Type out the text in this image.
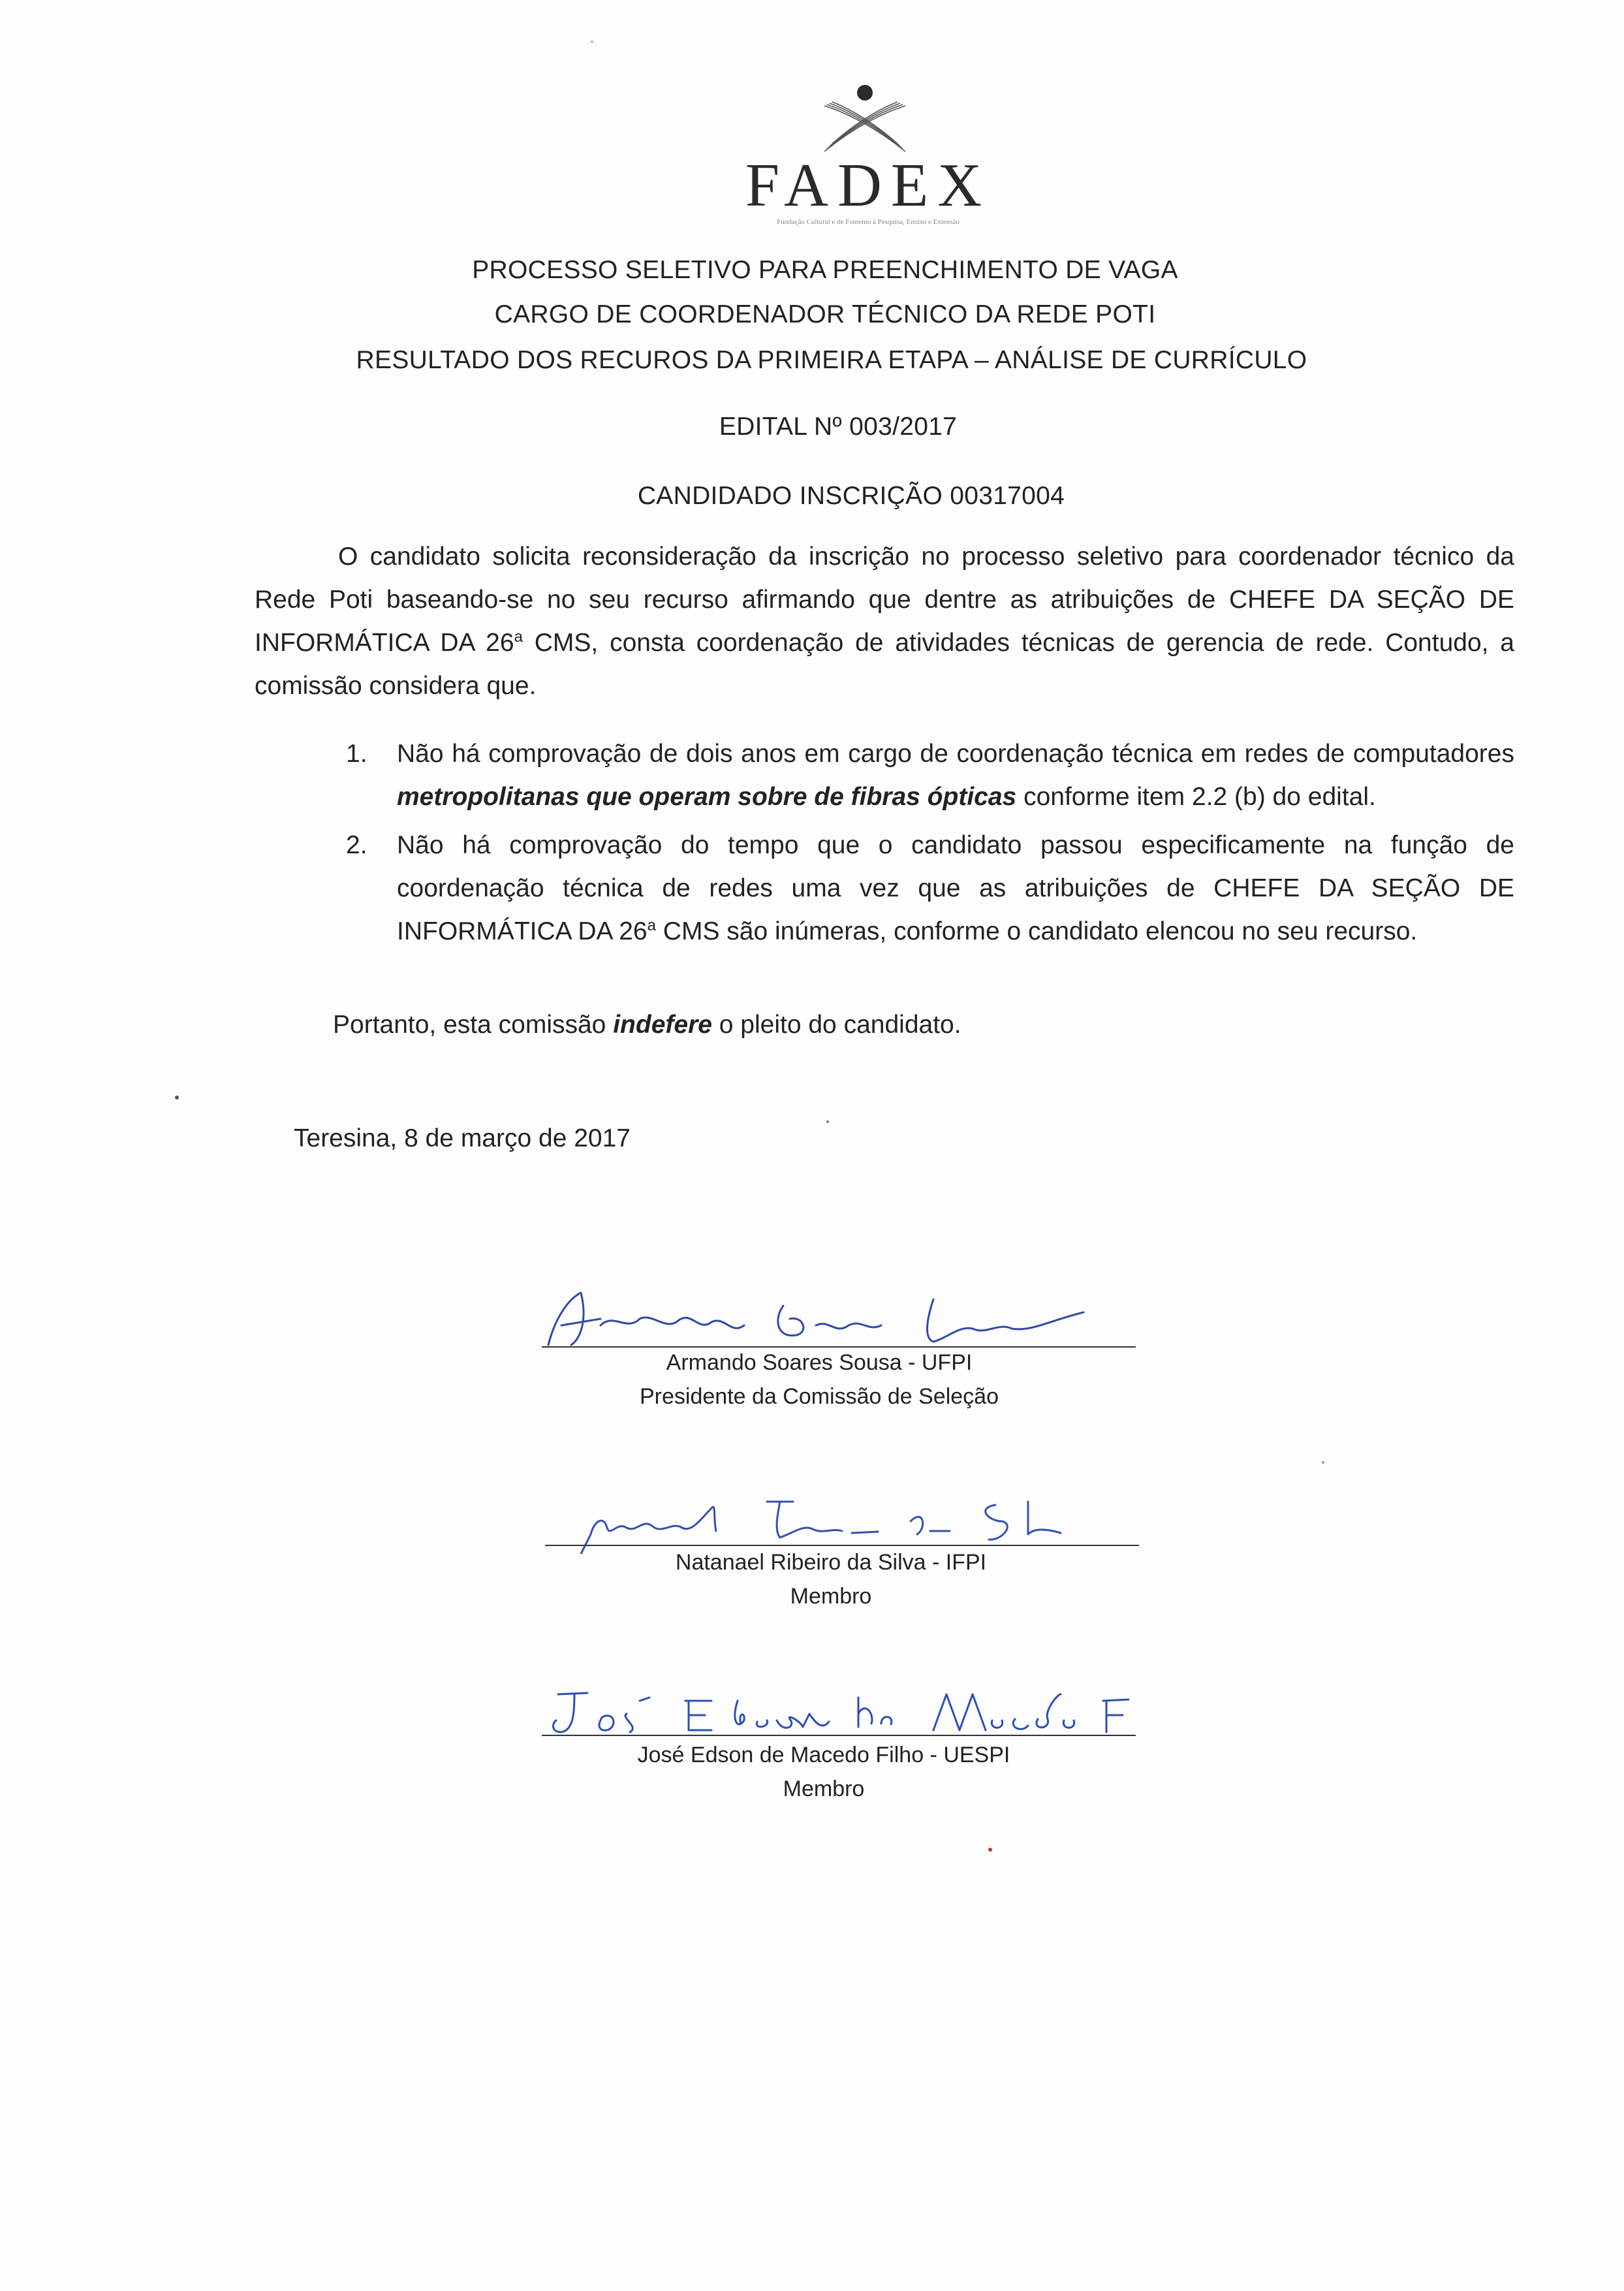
FADEX
Fundação Cultural e de Fomento à Pesquisa, Ensino e Extensão
PROCESSO SELETIVO PARA PREENCHIMENTO DE VAGA
CARGO DE COORDENADOR TÉCNICO DA REDE POTI
RESULTADO DOS RECUROS DA PRIMEIRA ETAPA – ANÁLISE DE CURRÍCULO
EDITAL Nº 003/2017
CANDIDADO INSCRIÇÃO 00317004
O candidato solicita reconsideração da inscrição no processo seletivo para coordenador técnico da Rede Poti baseando-se no seu recurso afirmando que dentre as atribuições de CHEFE DA SEÇÃO DE INFORMÁTICA DA 26$^a$ CMS, consta coordenação de atividades técnicas de gerencia de rede. Contudo, a comissão considera que.
1. Não há comprovação de dois anos em cargo de coordenação técnica em redes de computadores metropolitanas que operam sobre de fibras ópticas conforme item 2.2 (b) do edital.
2. Não há comprovação do tempo que o candidato passou especificamente na função de coordenação técnica de redes uma vez que as atribuições de CHEFE DA SEÇÃO DE INFORMÁTICA DA 26$^a$ CMS são inúmeras, conforme o candidato elencou no seu recurso.
Portanto, esta comissão indefere o pleito do candidato.
Teresina, 8 de março de 2017
Armando Soares Sousa - UFPI
Presidente da Comissão de Seleção
Natanael Ribeiro da Silva - IFPI
Membro
José Edson de Macedo Filho - UESPI
Membro
